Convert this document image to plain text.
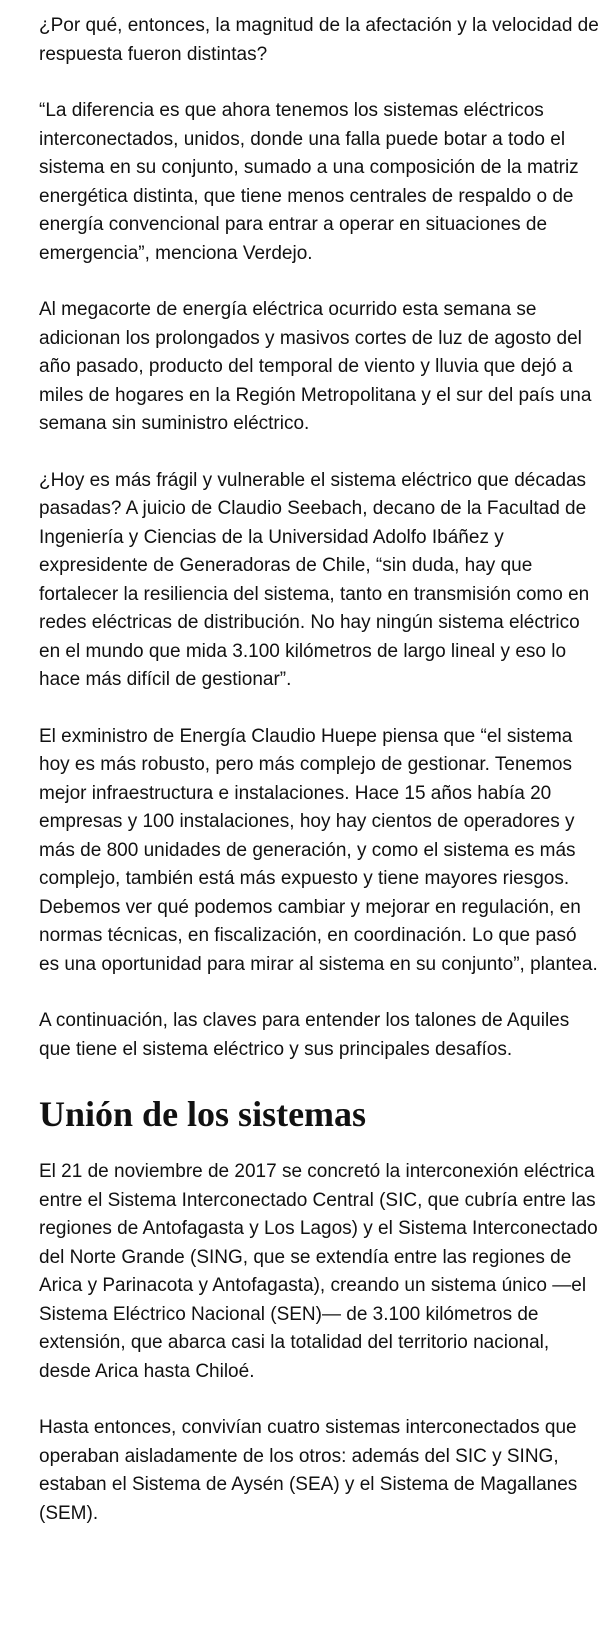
¿Por qué, entonces, la magnitud de la afectación y la velocidad de respuesta fueron distintas?

“La diferencia es que ahora tenemos los sistemas eléctricos interconectados, unidos, donde una falla puede botar a todo el sistema en su conjunto, sumado a una composición de la matriz energética distinta, que tiene menos centrales de respaldo o de energía convencional para entrar a operar en situaciones de emergencia”, menciona Verdejo.

Al megacorte de energía eléctrica ocurrido esta semana se adicionan los prolongados y masivos cortes de luz de agosto del año pasado, producto del temporal de viento y lluvia que dejó a miles de hogares en la Región Metropolitana y el sur del país una semana sin suministro eléctrico.

¿Hoy es más frágil y vulnerable el sistema eléctrico que décadas pasadas? A juicio de Claudio Seebach, decano de la Facultad de Ingeniería y Ciencias de la Universidad Adolfo Ibáñez y expresidente de Generadoras de Chile, “sin duda, hay que fortalecer la resiliencia del sistema, tanto en transmisión como en redes eléctricas de distribución. No hay ningún sistema eléctrico en el mundo que mida 3.100 kilómetros de largo lineal y eso lo hace más difícil de gestionar”.

El exministro de Energía Claudio Huepe piensa que “el sistema hoy es más robusto, pero más complejo de gestionar. Tenemos mejor infraestructura e instalaciones. Hace 15 años había 20 empresas y 100 instalaciones, hoy hay cientos de operadores y más de 800 unidades de generación, y como el sistema es más complejo, también está más expuesto y tiene mayores riesgos. Debemos ver qué podemos cambiar y mejorar en regulación, en normas técnicas, en fiscalización, en coordinación. Lo que pasó es una oportunidad para mirar al sistema en su conjunto”, plantea.

A continuación, las claves para entender los talones de Aquiles que tiene el sistema eléctrico y sus principales desafíos.

Unión de los sistemas

El 21 de noviembre de 2017 se concretó la interconexión eléctrica entre el Sistema Interconectado Central (SIC, que cubría entre las regiones de Antofagasta y Los Lagos) y el Sistema Interconectado del Norte Grande (SING, que se extendía entre las regiones de Arica y Parinacota y Antofagasta), creando un sistema único —el Sistema Eléctrico Nacional (SEN)— de 3.100 kilómetros de extensión, que abarca casi la totalidad del territorio nacional, desde Arica hasta Chiloé.

Hasta entonces, convivían cuatro sistemas interconectados que operaban aisladamente de los otros: además del SIC y SING, estaban el Sistema de Aysén (SEA) y el Sistema de Magallanes (SEM).
